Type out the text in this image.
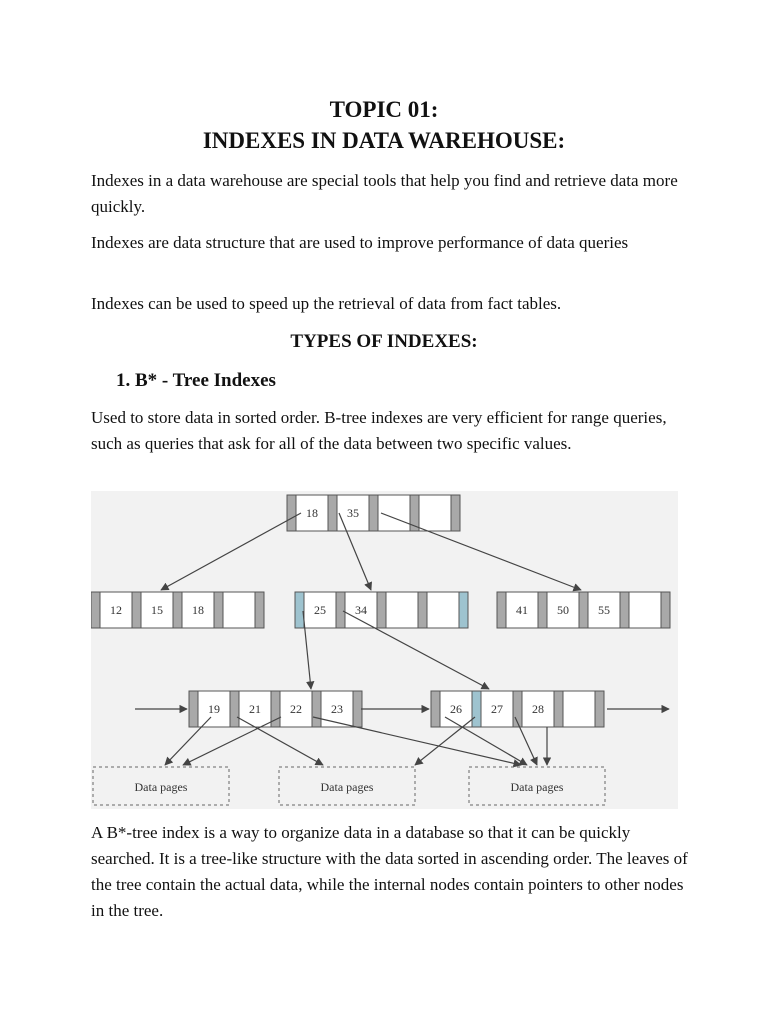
TOPIC 01:
INDEXES IN DATA WAREHOUSE:

Indexes in a data warehouse are special tools that help you find and retrieve data more quickly.

Indexes are data structure that are used to improve performance of data queries

Indexes can be used to speed up the retrieval of data from fact tables.

TYPES OF INDEXES:
1. B* - Tree Indexes

Used to store data in sorted order. B-tree indexes are very efficient for range queries, such as queries that ask for all of the data between two specific values.

18 35
12 15 18	25 34	41 50 55
19 21 22 23	26 27 28
Data pages	Data pages	Data pages

A B*-tree index is a way to organize data in a database so that it can be quickly searched. It is a tree-like structure with the data sorted in ascending order. The leaves of the tree contain the actual data, while the internal nodes contain pointers to other nodes in the tree.
